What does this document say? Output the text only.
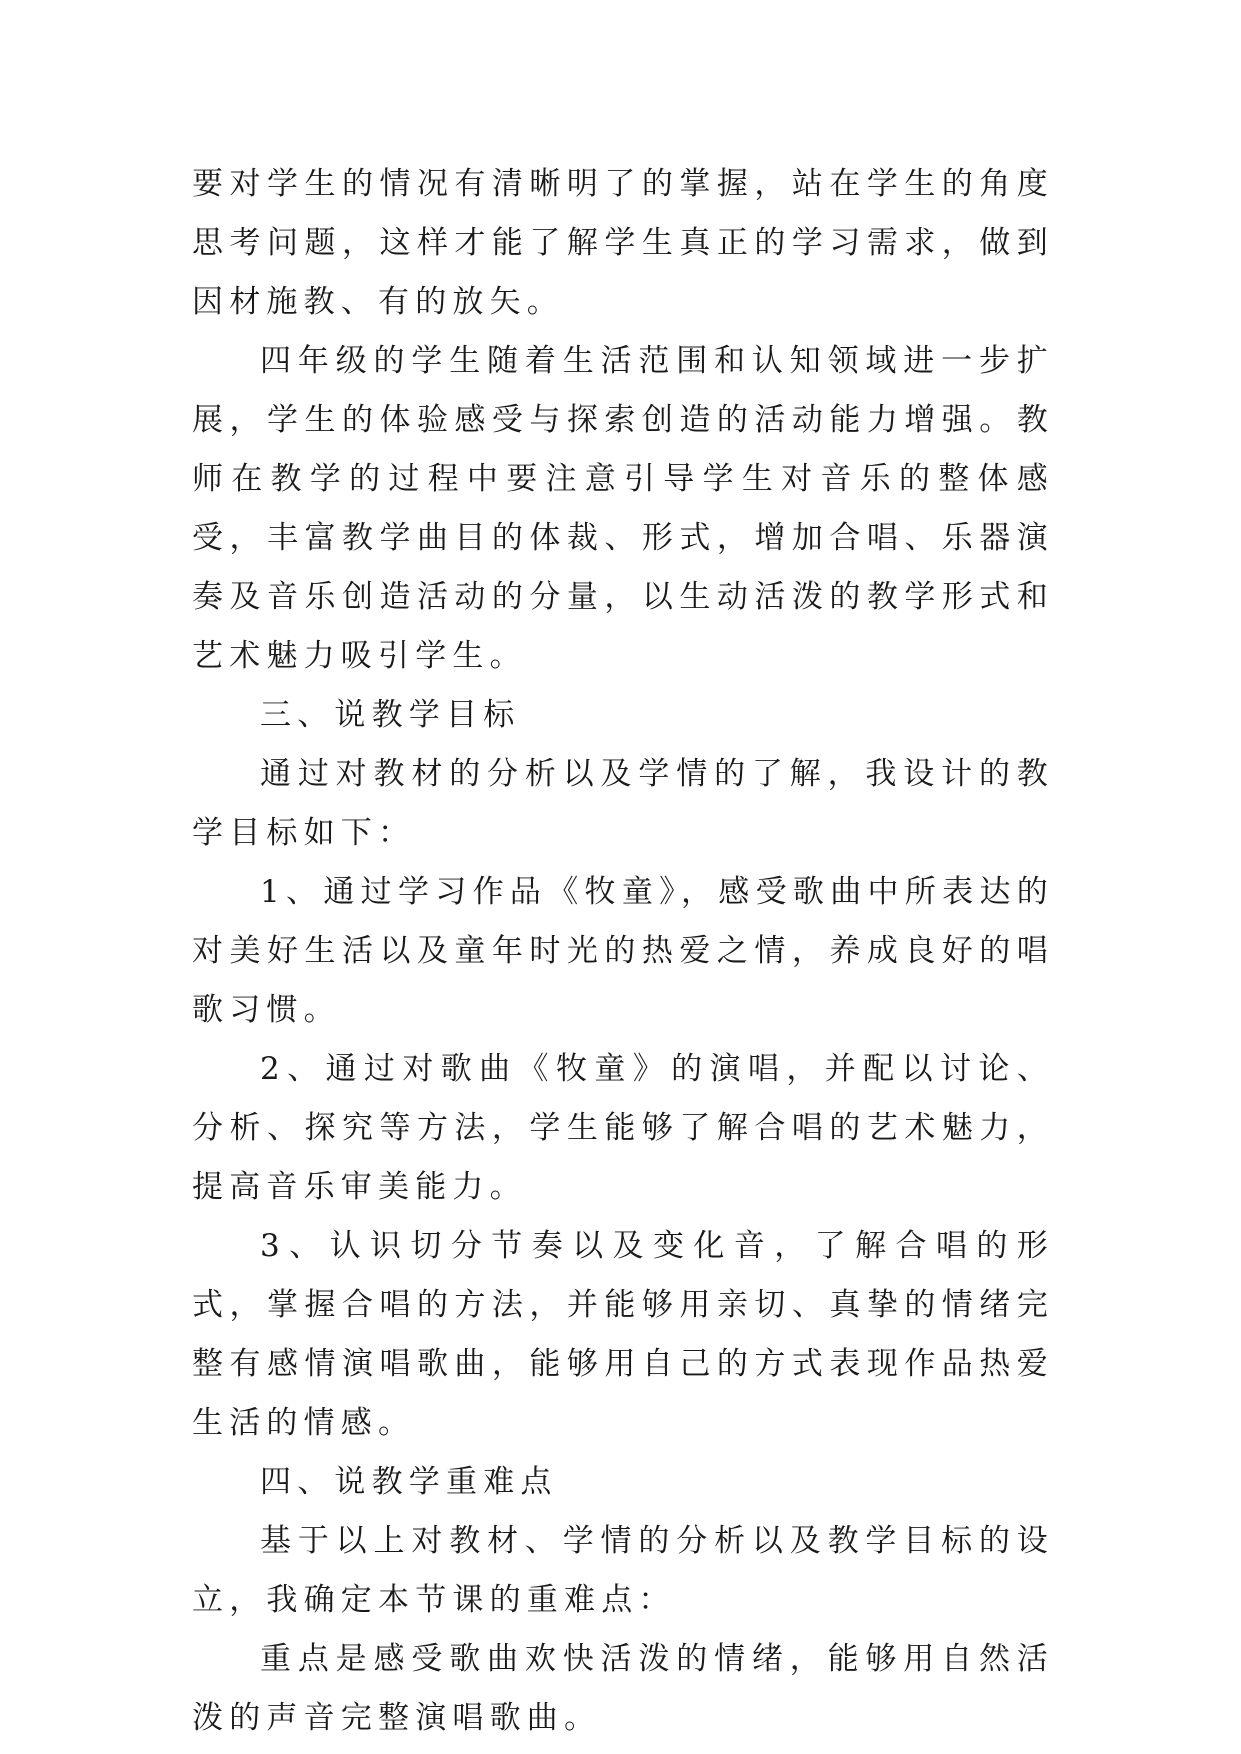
要对学生的情况有清晰明了的掌握，站在学生的角度思考问题，这样才能了解学生真正的学习需求，做到因材施教、有的放矢。

四年级的学生随着生活范围和认知领域进一步扩展，学生的体验感受与探索创造的活动能力增强。教师在教学的过程中要注意引导学生对音乐的整体感受，丰富教学曲目的体裁、形式，增加合唱、乐器演奏及音乐创造活动的分量，以生动活泼的教学形式和艺术魅力吸引学生。

三、说教学目标

通过对教材的分析以及学情的了解，我设计的教学目标如下：

1、通过学习作品《牧童》，感受歌曲中所表达的对美好生活以及童年时光的热爱之情，养成良好的唱歌习惯。

2、通过对歌曲《牧童》的演唱，并配以讨论、分析、探究等方法，学生能够了解合唱的艺术魅力，提高音乐审美能力。

3、认识切分节奏以及变化音，了解合唱的形式，掌握合唱的方法，并能够用亲切、真挚的情绪完整有感情演唱歌曲，能够用自己的方式表现作品热爱生活的情感。

四、说教学重难点

基于以上对教材、学情的分析以及教学目标的设立，我确定本节课的重难点：

重点是感受歌曲欢快活泼的情绪，能够用自然活泼的声音完整演唱歌曲。
